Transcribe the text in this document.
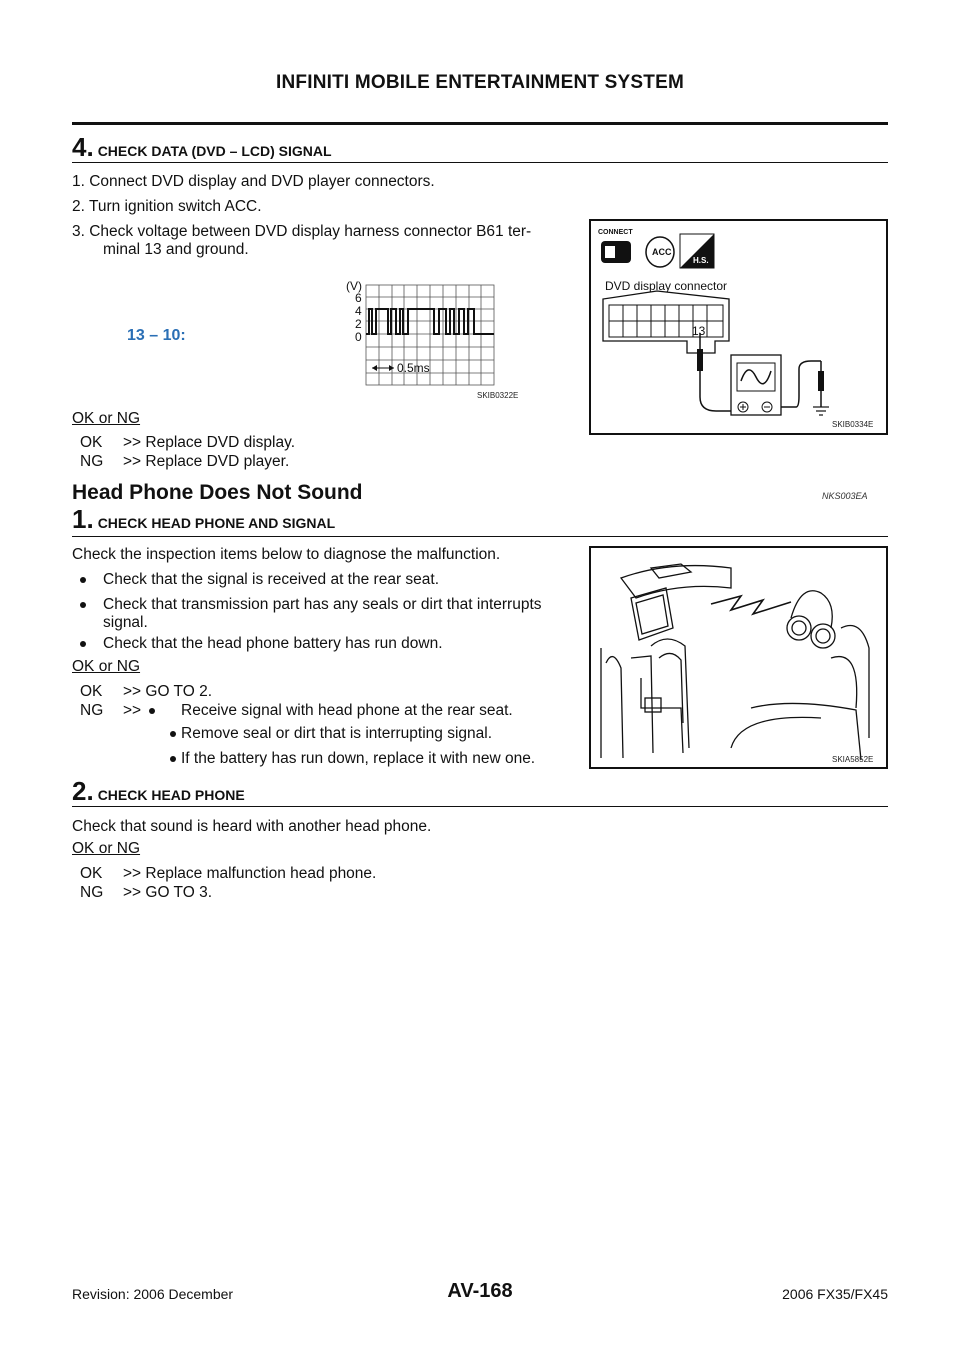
INFINITI MOBILE ENTERTAINMENT SYSTEM
4. CHECK DATA (DVD – LCD) SIGNAL
1. Connect DVD display and DVD player connectors.
2. Turn ignition switch ACC.
3. Check voltage between DVD display harness connector B61 ter-
minal 13 and ground.
13 – 10:
(V)
6
4
2
0
0.5ms
SKIB0322E
CONNECT
ACC
H.S.
DVD display connector
13
SKIB0334E
OK or NG
OK >> Replace DVD display.
NG >> Replace DVD player.
Head Phone Does Not Sound	NKS003EA
1. CHECK HEAD PHONE AND SIGNAL
Check the inspection items below to diagnose the malfunction.
Check that the signal is received at the rear seat.
Check that transmission part has any seals or dirt that interrupts
signal.
Check that the head phone battery has run down.
OK or NG
OK >> GO TO 2.
NG >>	Receive signal with head phone at the rear seat.
Remove seal or dirt that is interrupting signal.
If the battery has run down, replace it with new one.	SKIA5852E
2. CHECK HEAD PHONE
Check that sound is heard with another head phone.
OK or NG
OK >> Replace malfunction head phone.
NG >> GO TO 3.
Revision: 2006 December	AV-168	2006 FX35/FX45
